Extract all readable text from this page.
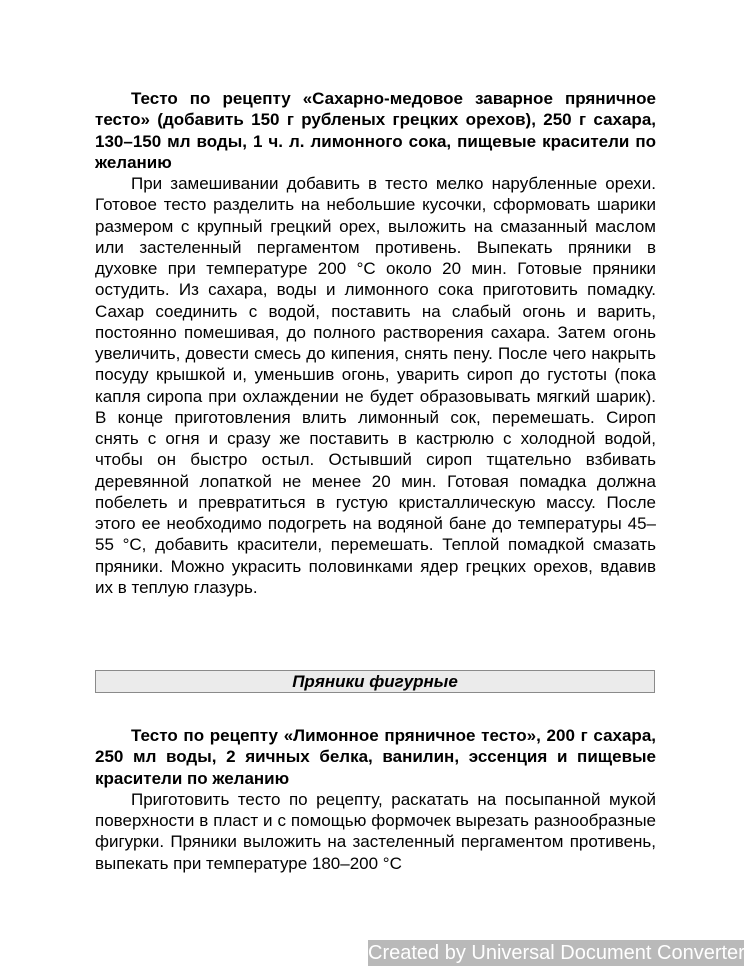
Тесто по рецепту «Сахарно-медовое заварное пряничное тесто» (добавить 150 г рубленых грецких орехов), 250 г сахара, 130–150 мл воды, 1 ч. л. лимонного сока, пищевые красители по желанию

При замешивании добавить в тесто мелко нарубленные орехи. Готовое тесто разделить на небольшие кусочки, сформовать шарики размером с крупный грецкий орех, выложить на смазанный маслом или застеленный пергаментом противень. Выпекать пряники в духовке при температуре 200 °С около 20 мин. Готовые пряники остудить. Из сахара, воды и лимонного сока приготовить помадку. Сахар соединить с водой, поставить на слабый огонь и варить, постоянно помешивая, до полного растворения сахара. Затем огонь увеличить, довести смесь до кипения, снять пену. После чего накрыть посуду крышкой и, уменьшив огонь, уварить сироп до густоты (пока капля сиропа при охлаждении не будет образовывать мягкий шарик). В конце приготовления влить лимонный сок, перемешать. Сироп снять с огня и сразу же поставить в кастрюлю с холодной водой, чтобы он быстро остыл. Остывший сироп тщательно взбивать деревянной лопаткой не менее 20 мин. Готовая помадка должна побелеть и превратиться в густую кристаллическую массу. После этого ее необходимо подогреть на водяной бане до температуры 45–55 °С, добавить красители, перемешать. Теплой помадкой смазать пряники. Можно украсить половинками ядер грецких орехов, вдавив их в теплую глазурь.

Пряники фигурные

Тесто по рецепту «Лимонное пряничное тесто», 200 г сахара, 250 мл воды, 2 яичных белка, ванилин, эссенция и пищевые красители по желанию

Приготовить тесто по рецепту, раскатать на посыпанной мукой поверхности в пласт и с помощью формочек вырезать разнообразные фигурки. Пряники выложить на застеленный пергаментом противень, выпекать при температуре 180–200 °С

Created by Universal Document Converter
